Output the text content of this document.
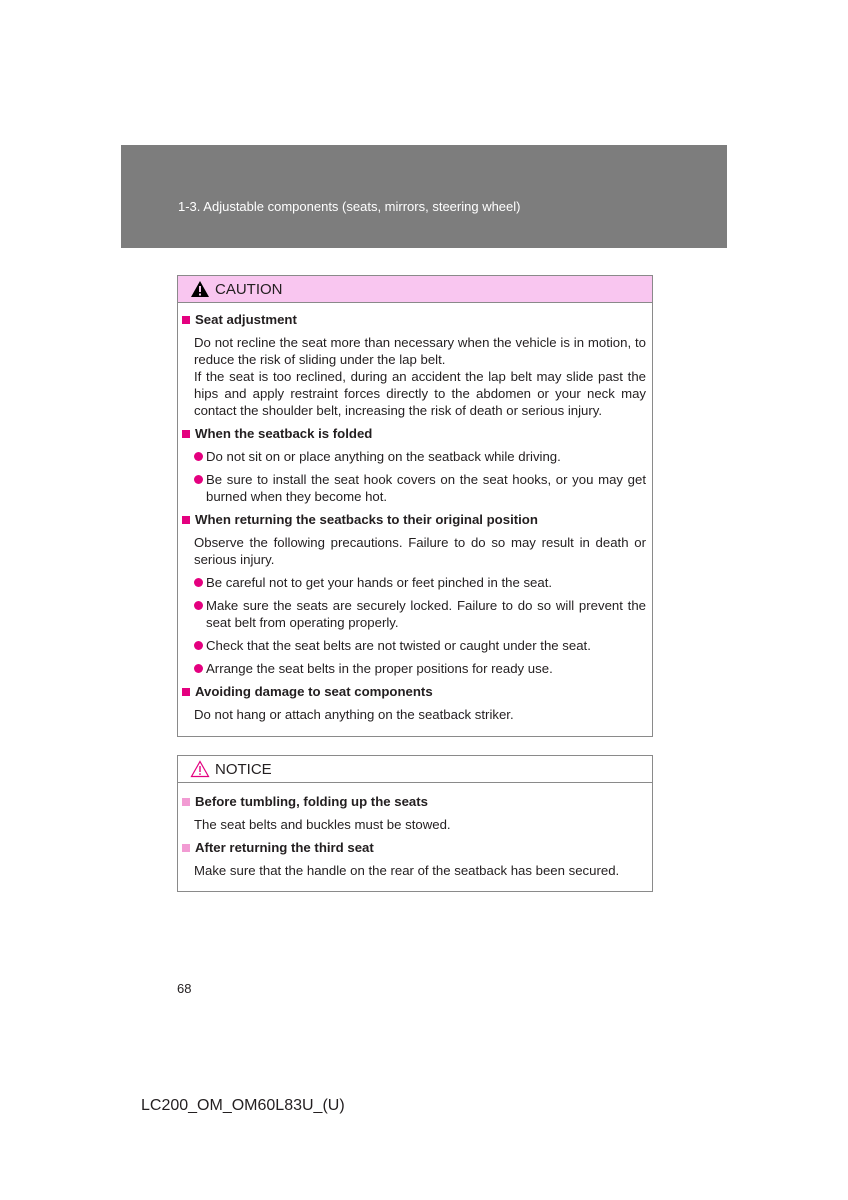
1-3. Adjustable components (seats, mirrors, steering wheel)
CAUTION
Seat adjustment
Do not recline the seat more than necessary when the vehicle is in motion, to reduce the risk of sliding under the lap belt.
If the seat is too reclined, during an accident the lap belt may slide past the hips and apply restraint forces directly to the abdomen or your neck may contact the shoulder belt, increasing the risk of death or serious injury.
When the seatback is folded
Do not sit on or place anything on the seatback while driving.
Be sure to install the seat hook covers on the seat hooks, or you may get burned when they become hot.
When returning the seatbacks to their original position
Observe the following precautions. Failure to do so may result in death or serious injury.
Be careful not to get your hands or feet pinched in the seat.
Make sure the seats are securely locked. Failure to do so will prevent the seat belt from operating properly.
Check that the seat belts are not twisted or caught under the seat.
Arrange the seat belts in the proper positions for ready use.
Avoiding damage to seat components
Do not hang or attach anything on the seatback striker.
NOTICE
Before tumbling, folding up the seats
The seat belts and buckles must be stowed.
After returning the third seat
Make sure that the handle on the rear of the seatback has been secured.
68
LC200_OM_OM60L83U_(U)
